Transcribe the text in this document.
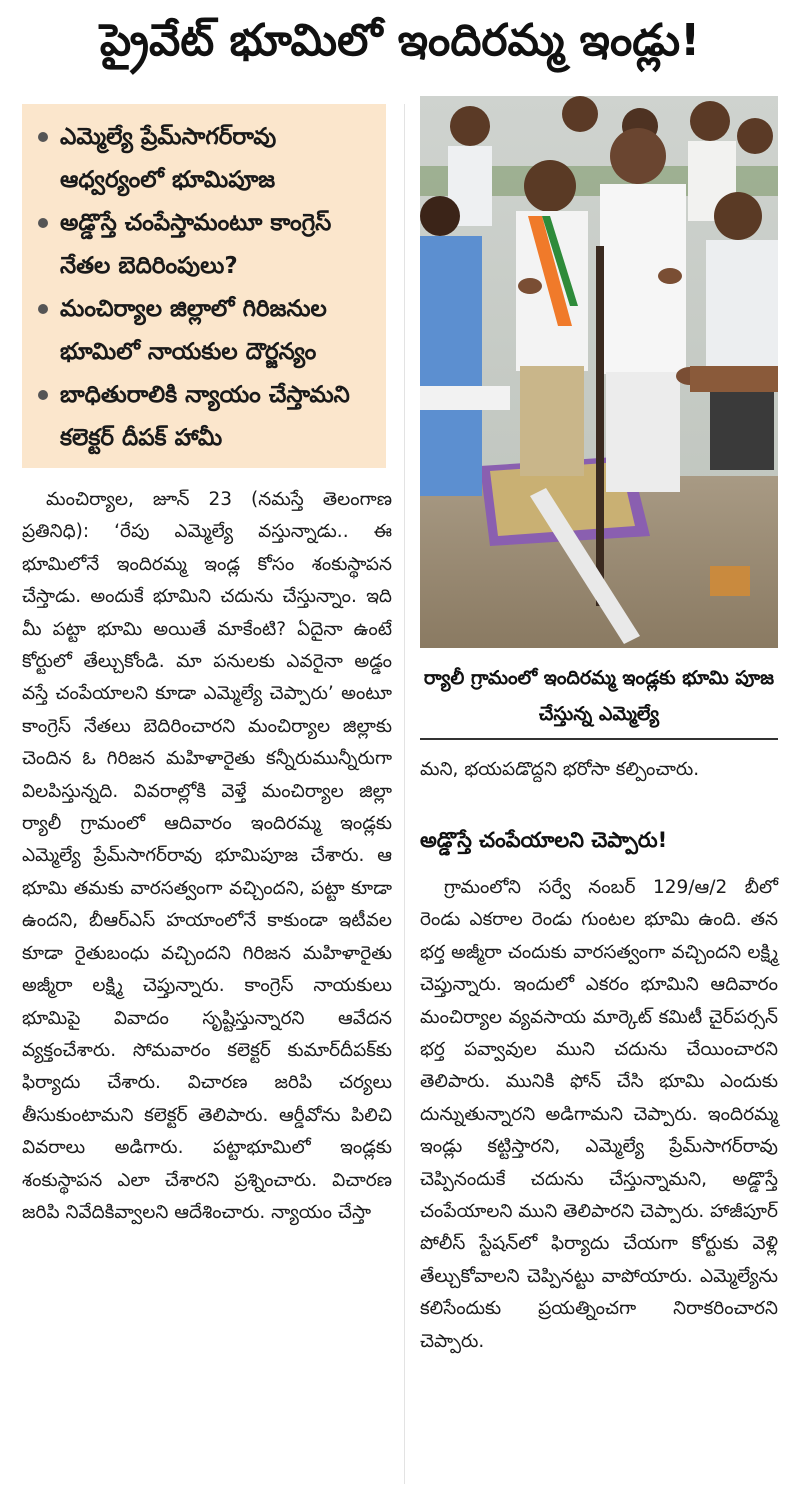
ప్రైవేట్ భూమిలో ఇందిరమ్మ ఇండ్లు!
ఎమ్మెల్యే ప్రేమ్‌సాగర్‌రావు ఆధ్వర్యంలో భూమిపూజ
అడ్డొస్తే చంపేస్తామంటూ కాంగ్రెస్ నేతల బెదిరింపులు?
మంచిర్యాల జిల్లాలో గిరిజనుల భూమిలో నాయకుల దౌర్జన్యం
బాధితురాలికి న్యాయం చేస్తామని కలెక్టర్ దీపక్ హామీ
ర్యాలీ గ్రామంలో ఇందిరమ్మ ఇండ్లకు భూమి పూజ చేస్తున్న ఎమ్మెల్యే

మంచిర్యాల, జూన్ 23 (నమస్తే తెలంగాణ ప్రతినిధి): ‘రేపు ఎమ్మెల్యే వస్తున్నాడు.. ఈ భూమిలోనే ఇందిరమ్మ ఇండ్ల కోసం శంకుస్థాపన చేస్తాడు. అందుకే భూమిని చదును చేస్తున్నాం. ఇది మీ పట్టా భూమి అయితే మాకేంటి? ఏదైనా ఉంటే కోర్టులో తేల్చుకోండి. మా పనులకు ఎవరైనా అడ్డం వస్తే చంపేయాలని కూడా ఎమ్మెల్యే చెప్పారు’ అంటూ కాంగ్రెస్ నేతలు బెదిరించారని మంచిర్యాల జిల్లాకు చెందిన ఓ గిరిజన మహిళారైతు కన్నీరుమున్నీరుగా విలపిస్తున్నది. వివరాల్లోకి వెళ్తే మంచిర్యాల జిల్లా ర్యాలీ గ్రామంలో ఆదివారం ఇందిరమ్మ ఇండ్లకు ఎమ్మెల్యే ప్రేమ్‌సాగర్‌రావు భూమిపూజ చేశారు. ఆ భూమి తమకు వారసత్వంగా వచ్చిందని, పట్టా కూడా ఉందని, బీఆర్‌ఎస్ హయాంలోనే కాకుండా ఇటీవల కూడా రైతుబంధు వచ్చిందని గిరిజన మహిళారైతు అజ్మీరా లక్ష్మి చెప్తున్నారు. కాంగ్రెస్ నాయకులు భూమిపై వివాదం సృష్టిస్తున్నారని ఆవేదన వ్యక్తంచేశారు. సోమవారం కలెక్టర్ కుమార్‌దీపక్‌కు ఫిర్యాదు చేశారు. విచారణ జరిపి చర్యలు తీసుకుంటామని కలెక్టర్ తెలిపారు. ఆర్డీవోను పిలిచి వివరాలు అడిగారు. పట్టాభూమిలో ఇండ్లకు శంకుస్థాపన ఎలా చేశారని ప్రశ్నించారు. విచారణ జరిపి నివేదికివ్వాలని ఆదేశించారు. న్యాయం చేస్తా

మని, భయపడొద్దని భరోసా కల్పించారు.

అడ్డొస్తే చంపేయాలని చెప్పారు!

గ్రామంలోని సర్వే నంబర్ 129/ఆ/2 బీలో రెండు ఎకరాల రెండు గుంటల భూమి ఉంది. తన భర్త అజ్మీరా చందుకు వారసత్వంగా వచ్చిందని లక్ష్మి చెప్తున్నారు. ఇందులో ఎకరం భూమిని ఆదివారం మంచిర్యాల వ్యవసాయ మార్కెట్ కమిటీ చైర్‌పర్సన్ భర్త పవ్వావుల ముని చదును చేయించారని తెలిపారు. మునికి ఫోన్ చేసి భూమి ఎందుకు దున్నుతున్నారని అడిగామని చెప్పారు. ఇందిరమ్మ ఇండ్లు కట్టిస్తారని, ఎమ్మెల్యే ప్రేమ్‌సాగర్‌రావు చెప్పినందుకే చదును చేస్తున్నామని, అడ్డొస్తే చంపేయాలని ముని తెలిపారని చెప్పారు. హాజీపూర్ పోలీస్ స్టేషన్‌లో ఫిర్యాదు చేయగా కోర్టుకు వెళ్లి తేల్చుకోవాలని చెప్పినట్టు వాపోయారు. ఎమ్మెల్యేను కలిసేందుకు ప్రయత్నించగా నిరాకరించారని చెప్పారు.
